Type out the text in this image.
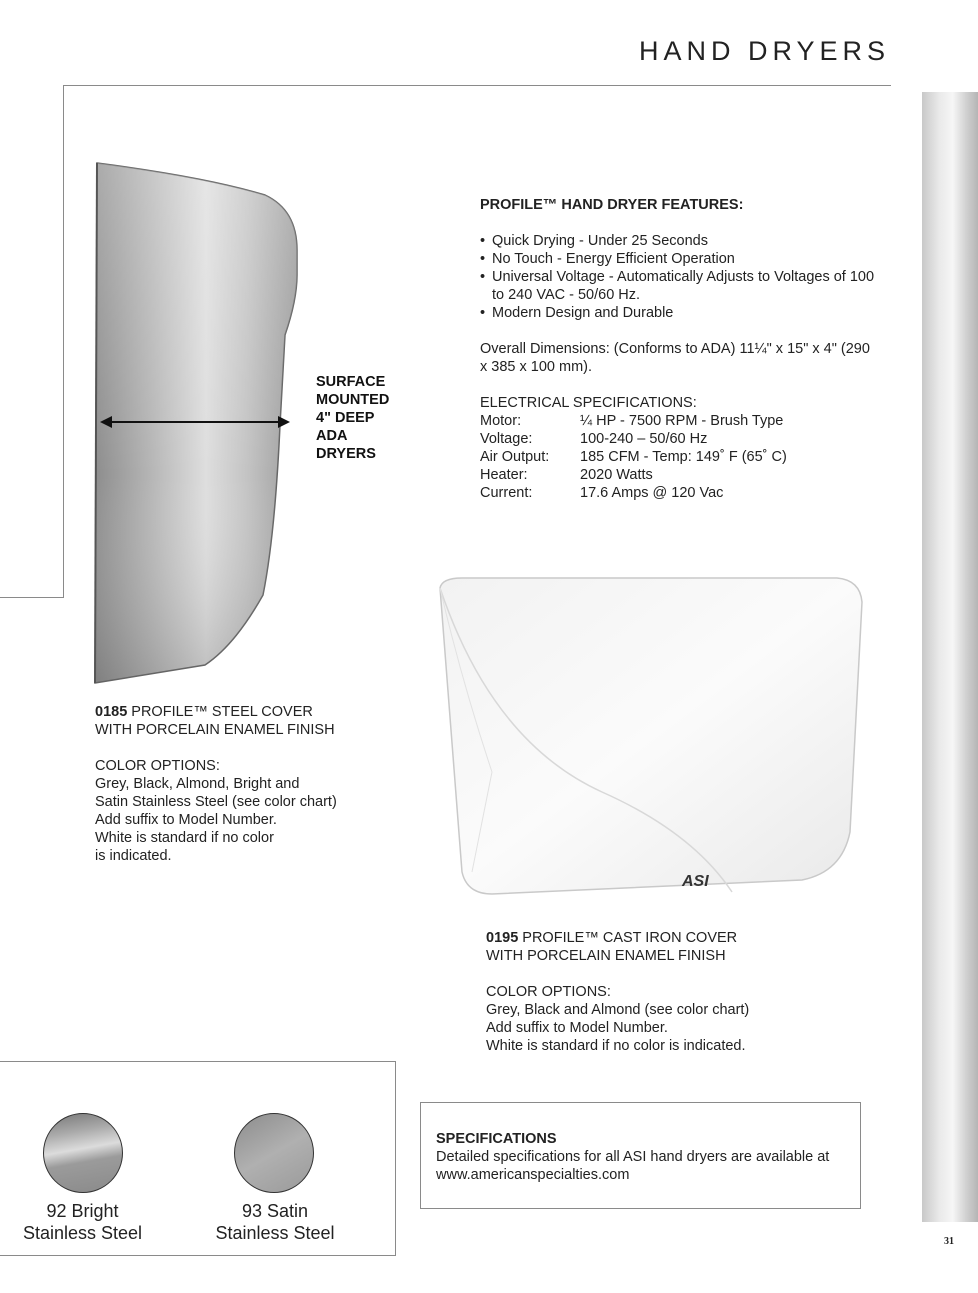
HAND DRYERS
31
SURFACE
MOUNTED
4" DEEP
ADA
DRYERS
PROFILE™ HAND DRYER FEATURES:
• Quick Drying - Under 25 Seconds
• No Touch - Energy Efficient Operation
• Universal Voltage - Automatically Adjusts to Voltages of 100 to 240 VAC - 50/60 Hz.
• Modern Design and Durable
Overall Dimensions: (Conforms to ADA) 11¼" x 15" x 4" (290 x 385 x 100 mm).
ELECTRICAL SPECIFICATIONS:
Motor:	¼ HP - 7500 RPM - Brush Type
Voltage:	100-240 – 50/60 Hz
Air Output:	185 CFM - Temp: 149˚ F (65˚ C)
Heater:	2020 Watts
Current:	17.6 Amps @ 120 Vac
ASI
0185 PROFILE™ STEEL COVER
WITH PORCELAIN ENAMEL FINISH
COLOR OPTIONS:
Grey, Black, Almond, Bright and
Satin Stainless Steel (see color chart)
Add suffix to Model Number.
White is standard if no color
is indicated.
0195 PROFILE™ CAST IRON COVER
WITH PORCELAIN ENAMEL FINISH
COLOR OPTIONS:
Grey, Black and Almond (see color chart)
Add suffix to Model Number.
White is standard if no color is indicated.
92 Bright
Stainless Steel
93 Satin
Stainless Steel
SPECIFICATIONS
Detailed specifications for all ASI hand dryers are available at
www.americanspecialties.com
